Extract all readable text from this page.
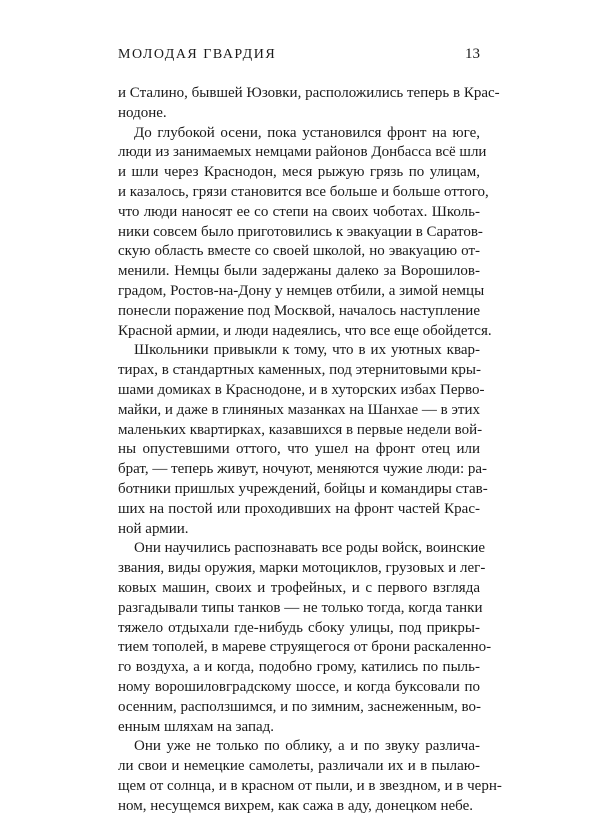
МОЛОДАЯ ГВАРДИЯ	13
и Сталино, бывшей Юзовки, расположились теперь в Крас-
нодоне.
До глубокой осени, пока установился фронт на юге,
люди из занимаемых немцами районов Донбасса всё шли
и шли через Краснодон, меся рыжую грязь по улицам,
и казалось, грязи становится все больше и больше оттого,
что люди наносят ее со степи на своих чоботах. Школь-
ники совсем было приготовились к эвакуации в Саратов-
скую область вместе со своей школой, но эвакуацию от-
менили. Немцы были задержаны далеко за Ворошилов-
градом, Ростов-на-Дону у немцев отбили, а зимой немцы
понесли поражение под Москвой, началось наступление
Красной армии, и люди надеялись, что все еще обойдется.
Школьники привыкли к тому, что в их уютных квар-
тирах, в стандартных каменных, под этернитовыми кры-
шами домиках в Краснодоне, и в хуторских избах Перво-
майки, и даже в глиняных мазанках на Шанхае — в этих
маленьких квартирках, казавшихся в первые недели вой-
ны опустевшими оттого, что ушел на фронт отец или
брат, — теперь живут, ночуют, меняются чужие люди: ра-
ботники пришлых учреждений, бойцы и командиры став-
ших на постой или проходивших на фронт частей Крас-
ной армии.
Они научились распознавать все роды войск, воинские
звания, виды оружия, марки мотоциклов, грузовых и лег-
ковых машин, своих и трофейных, и с первого взгляда
разгадывали типы танков — не только тогда, когда танки
тяжело отдыхали где-нибудь сбоку улицы, под прикры-
тием тополей, в мареве струящегося от брони раскаленно-
го воздуха, а и когда, подобно грому, катились по пыль-
ному ворошиловградскому шоссе, и когда буксовали по
осенним, расползшимся, и по зимним, заснеженным, во-
енным шляхам на запад.
Они уже не только по облику, а и по звуку различа-
ли свои и немецкие самолеты, различали их и в пылаю-
щем от солнца, и в красном от пыли, и в звездном, и в черн-
ном, несущемся вихрем, как сажа в аду, донецком небе.
